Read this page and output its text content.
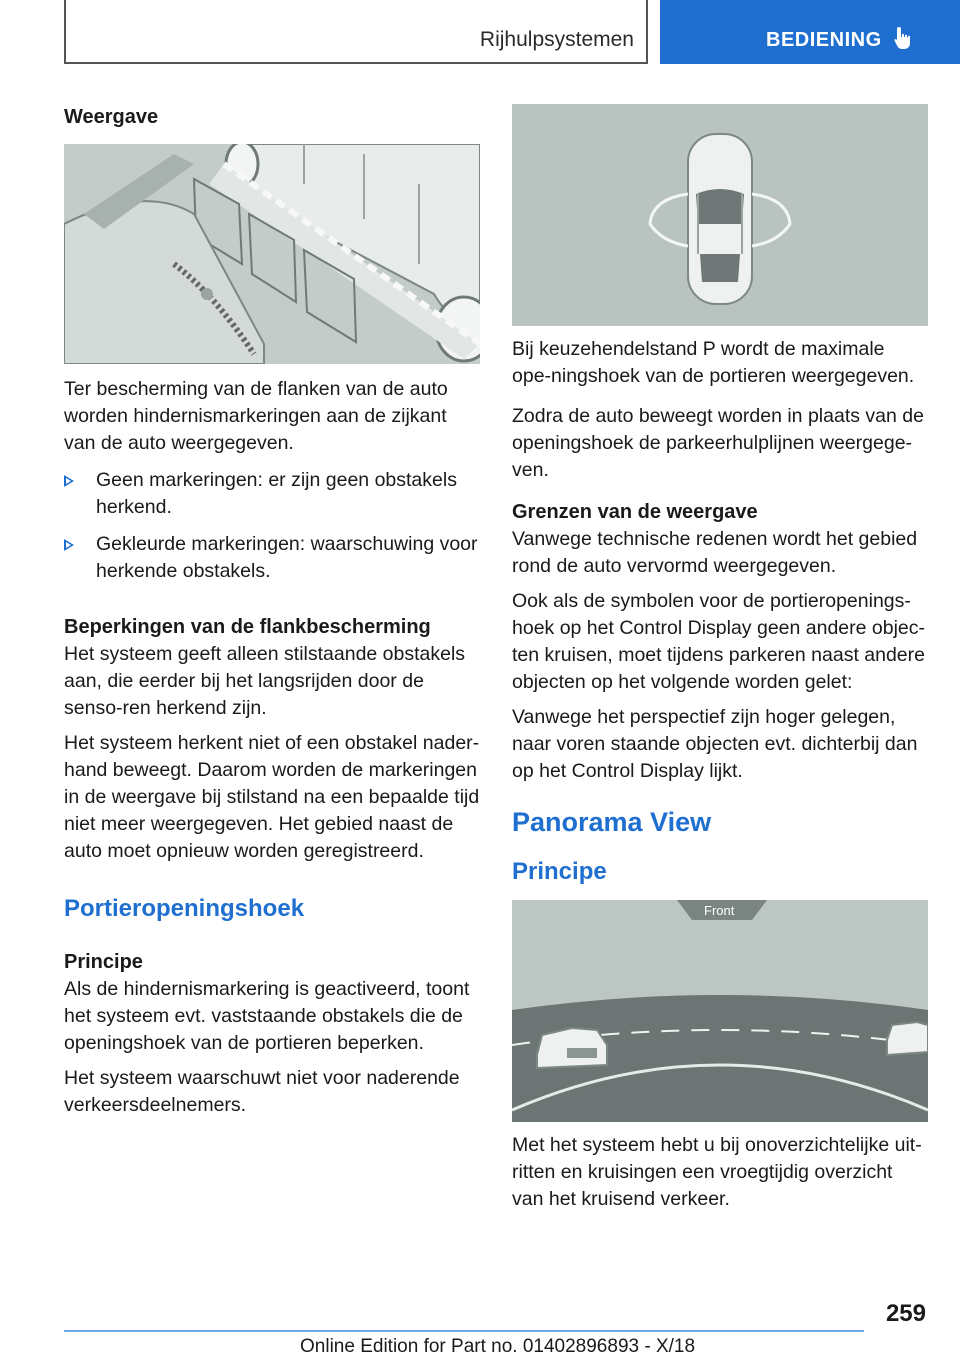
Rijhulpsystemen	BEDIENING

Weergave

Ter bescherming van de flanken van de auto worden hindernismarkeringen aan de zijkant van de auto weergegeven.

Geen markeringen: er zijn geen obstakels herkend.
Gekleurde markeringen: waarschuwing voor herkende obstakels.

Beperkingen van de flankbescherming

Het systeem geeft alleen stilstaande obstakels aan, die eerder bij het langsrijden door de senso-ren herkend zijn.

Het systeem herkent niet of een obstakel nader-hand beweegt. Daarom worden de markeringen in de weergave bij stilstand na een bepaalde tijd niet meer weergegeven. Het gebied naast de auto moet opnieuw worden geregistreerd.

Portieropeningshoek

Principe

Als de hindernismarkering is geactiveerd, toont het systeem evt. vaststaande obstakels die de openingshoek van de portieren beperken.

Het systeem waarschuwt niet voor naderende verkeersdeelnemers.

Bij keuzehendelstand P wordt de maximale ope-ningshoek van de portieren weergegeven.

Zodra de auto beweegt worden in plaats van de openingshoek de parkeerhulplijnen weergege-ven.

Grenzen van de weergave

Vanwege technische redenen wordt het gebied rond de auto vervormd weergegeven.

Ook als de symbolen voor de portieropenings-hoek op het Control Display geen andere objec-ten kruisen, moet tijdens parkeren naast andere objecten op het volgende worden gelet:

Vanwege het perspectief zijn hoger gelegen, naar voren staande objecten evt. dichterbij dan op het Control Display lijkt.

Panorama View

Principe

Front

Met het systeem hebt u bij onoverzichtelijke uit-ritten en kruisingen een vroegtijdig overzicht van het kruisend verkeer.

259
Online Edition for Part no. 01402896893 - X/18
